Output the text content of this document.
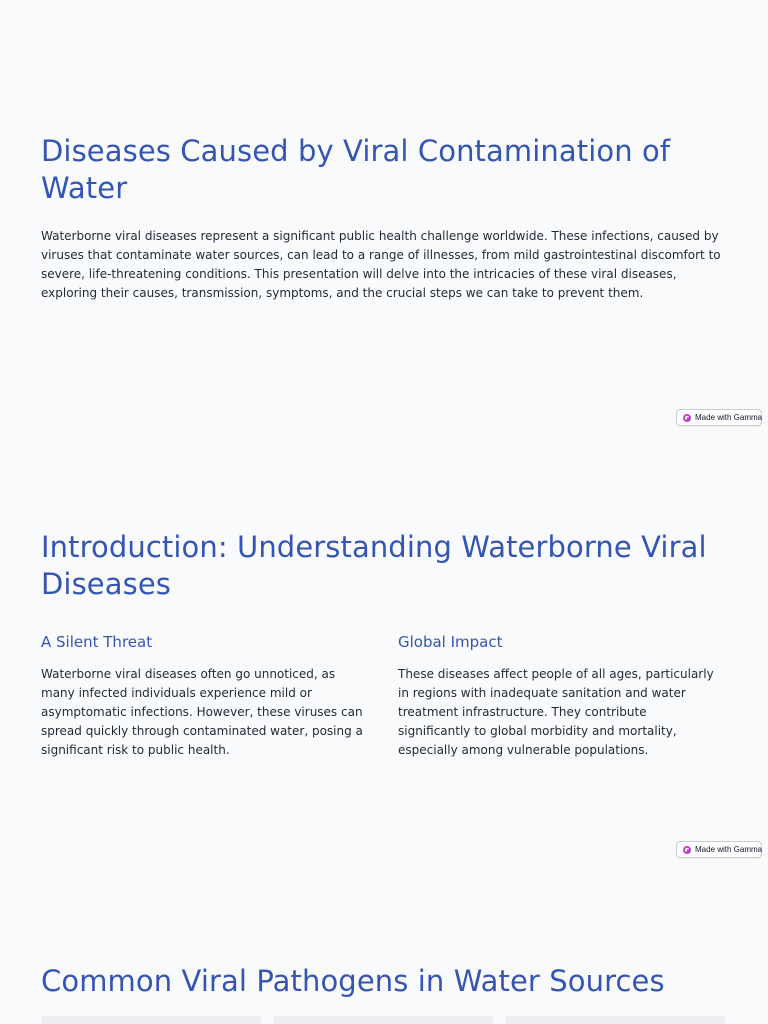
Diseases Caused by Viral Contamination of Water

Waterborne viral diseases represent a significant public health challenge worldwide. These infections, caused by viruses that contaminate water sources, can lead to a range of illnesses, from mild gastrointestinal discomfort to severe, life-threatening conditions. This presentation will delve into the intricacies of these viral diseases, exploring their causes, transmission, symptoms, and the crucial steps we can take to prevent them.

Made with Gamma
Introduction: Understanding Waterborne Viral Diseases
A Silent Threat

Waterborne viral diseases often go unnoticed, as many infected individuals experience mild or asymptomatic infections. However, these viruses can spread quickly through contaminated water, posing a significant risk to public health.

Global Impact

These diseases affect people of all ages, particularly in regions with inadequate sanitation and water treatment infrastructure. They contribute significantly to global morbidity and mortality, especially among vulnerable populations.

Made with Gamma
Common Viral Pathogens in Water Sources
